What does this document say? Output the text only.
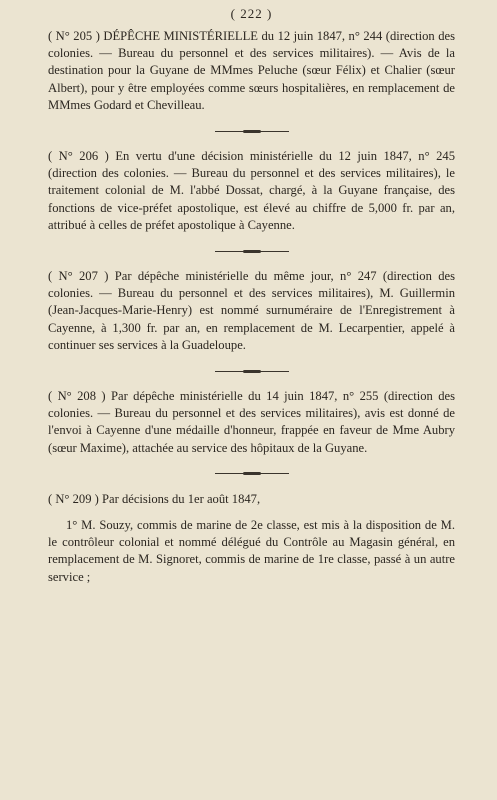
( 222 )

( N° 205 ) DÉPÊCHE MINISTÉRIELLE du 12 juin 1847, n° 244 (direction des colonies. — Bureau du personnel et des services militaires). — Avis de la destination pour la Guyane de MMmes Peluche (sœur Félix) et Chalier (sœur Albert), pour y être employées comme sœurs hospitalières, en remplacement de MMmes Godard et Chevilleau.

( N° 206 ) En vertu d'une décision ministérielle du 12 juin 1847, n° 245 (direction des colonies. — Bureau du personnel et des services militaires), le traitement colonial de M. l'abbé Dossat, chargé, à la Guyane française, des fonctions de vice-préfet apostolique, est élevé au chiffre de 5,000 fr. par an, attribué à celles de préfet apostolique à Cayenne.

( N° 207 ) Par dépêche ministérielle du même jour, n° 247 (direction des colonies. — Bureau du personnel et des services militaires), M. Guillermin (Jean-Jacques-Marie-Henry) est nommé surnuméraire de l'Enregistrement à Cayenne, à 1,300 fr. par an, en remplacement de M. Lecarpentier, appelé à continuer ses services à la Guadeloupe.

( N° 208 ) Par dépêche ministérielle du 14 juin 1847, n° 255 (direction des colonies. — Bureau du personnel et des services militaires), avis est donné de l'envoi à Cayenne d'une médaille d'honneur, frappée en faveur de Mme Aubry (sœur Maxime), attachée au service des hôpitaux de la Guyane.

( N° 209 ) Par décisions du 1er août 1847,

1° M. Souzy, commis de marine de 2e classe, est mis à la disposition de M. le contrôleur colonial et nommé délégué du Contrôle au Magasin général, en remplacement de M. Signoret, commis de marine de 1re classe, passé à un autre service ;
